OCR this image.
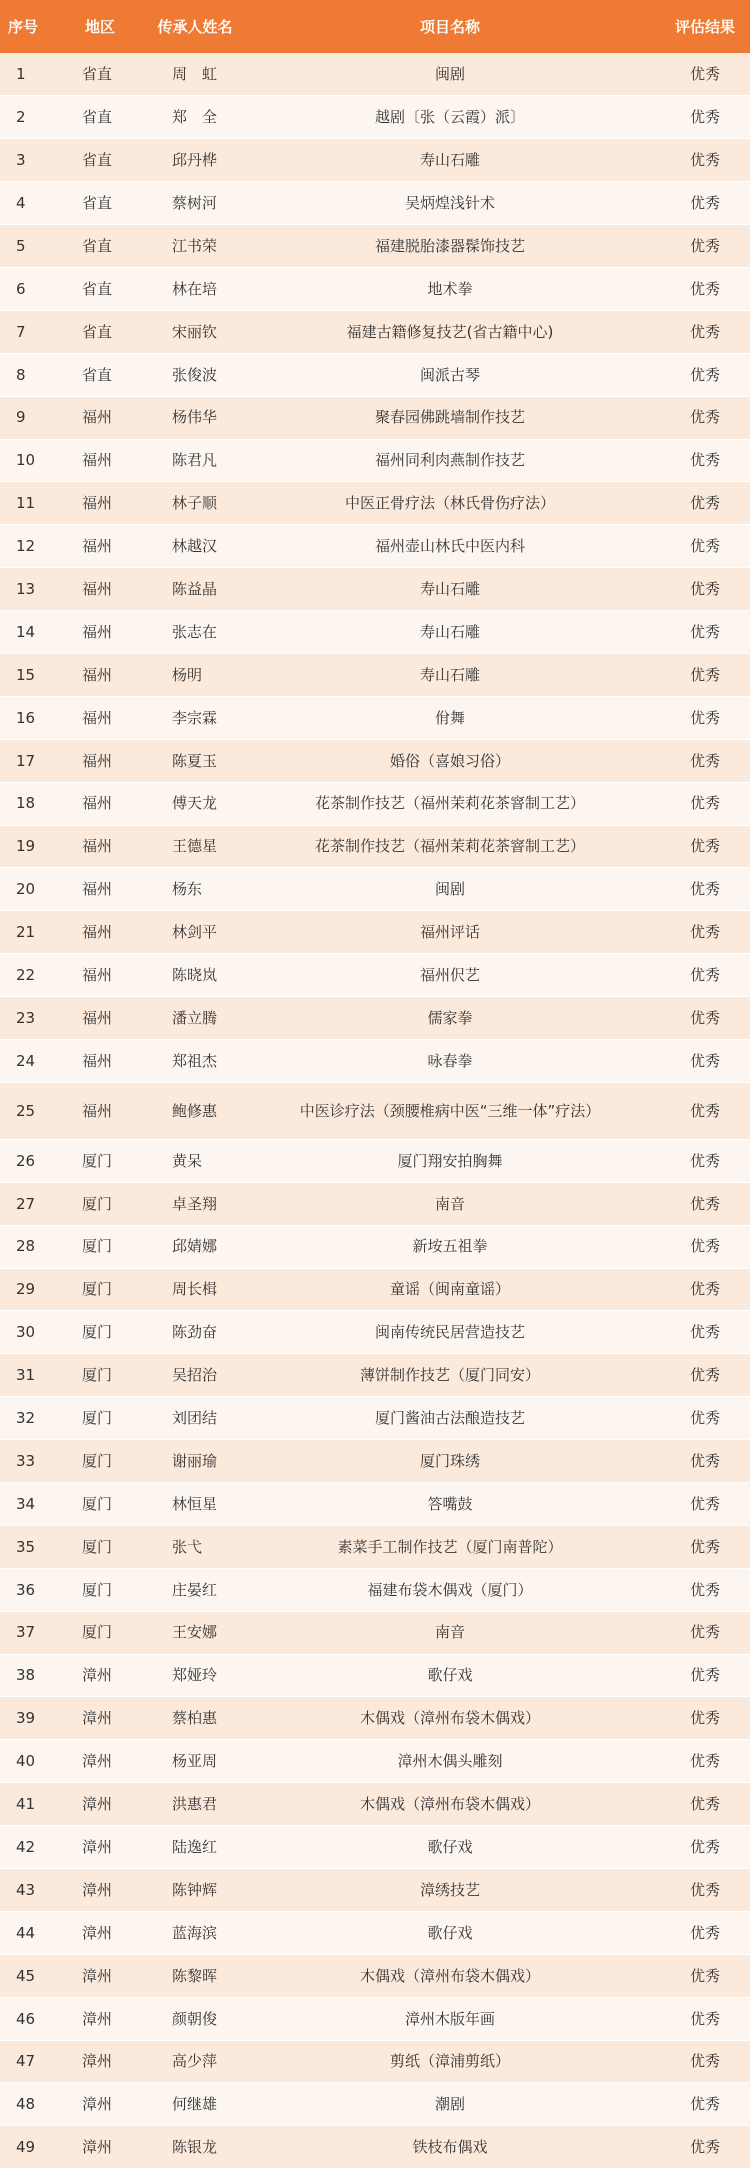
序号	地区	传承人姓名	项目名称	评估结果
1	省直	周　虹	闽剧	优秀
2	省直	郑　全	越剧〔张（云霞）派〕	优秀
3	省直	邱丹桦	寿山石雕	优秀
4	省直	蔡树河	吴炳煌浅针术	优秀
5	省直	江书荣	福建脱胎漆器髹饰技艺	优秀
6	省直	林在培	地术拳	优秀
7	省直	宋丽钦	福建古籍修复技艺(省古籍中心)	优秀
8	省直	张俊波	闽派古琴	优秀
9	福州	杨伟华	聚春园佛跳墙制作技艺	优秀
10	福州	陈君凡	福州同利肉燕制作技艺	优秀
11	福州	林子顺	中医正骨疗法（林氏骨伤疗法）	优秀
12	福州	林越汉	福州壶山林氏中医内科	优秀
13	福州	陈益晶	寿山石雕	优秀
14	福州	张志在	寿山石雕	优秀
15	福州	杨明	寿山石雕	优秀
16	福州	李宗霖	佾舞	优秀
17	福州	陈夏玉	婚俗（喜娘习俗）	优秀
18	福州	傅天龙	花茶制作技艺（福州茉莉花茶窨制工艺）	优秀
19	福州	王德星	花茶制作技艺（福州茉莉花茶窨制工艺）	优秀
20	福州	杨东	闽剧	优秀
21	福州	林剑平	福州评话	优秀
22	福州	陈晓岚	福州伬艺	优秀
23	福州	潘立腾	儒家拳	优秀
24	福州	郑祖杰	咏春拳	优秀
25	福州	鲍修惠	中医诊疗法（颈腰椎病中医“三维一体”疗法）	优秀
26	厦门	黄呆	厦门翔安拍胸舞	优秀
27	厦门	卓圣翔	南音	优秀
28	厦门	邱婧娜	新垵五祖拳	优秀
29	厦门	周长楫	童谣（闽南童谣）	优秀
30	厦门	陈劲奋	闽南传统民居营造技艺	优秀
31	厦门	吴招治	薄饼制作技艺（厦门同安）	优秀
32	厦门	刘团结	厦门酱油古法酿造技艺	优秀
33	厦门	谢丽瑜	厦门珠绣	优秀
34	厦门	林恒星	答嘴鼓	优秀
35	厦门	张弋	素菜手工制作技艺（厦门南普陀）	优秀
36	厦门	庄晏红	福建布袋木偶戏（厦门）	优秀
37	厦门	王安娜	南音	优秀
38	漳州	郑娅玲	歌仔戏	优秀
39	漳州	蔡柏惠	木偶戏（漳州布袋木偶戏）	优秀
40	漳州	杨亚周	漳州木偶头雕刻	优秀
41	漳州	洪惠君	木偶戏（漳州布袋木偶戏）	优秀
42	漳州	陆逸红	歌仔戏	优秀
43	漳州	陈钟辉	漳绣技艺	优秀
44	漳州	蓝海滨	歌仔戏	优秀
45	漳州	陈黎晖	木偶戏（漳州布袋木偶戏）	优秀
46	漳州	颜朝俊	漳州木版年画	优秀
47	漳州	高少萍	剪纸（漳浦剪纸）	优秀
48	漳州	何继雄	潮剧	优秀
49	漳州	陈银龙	铁枝布偶戏	优秀
